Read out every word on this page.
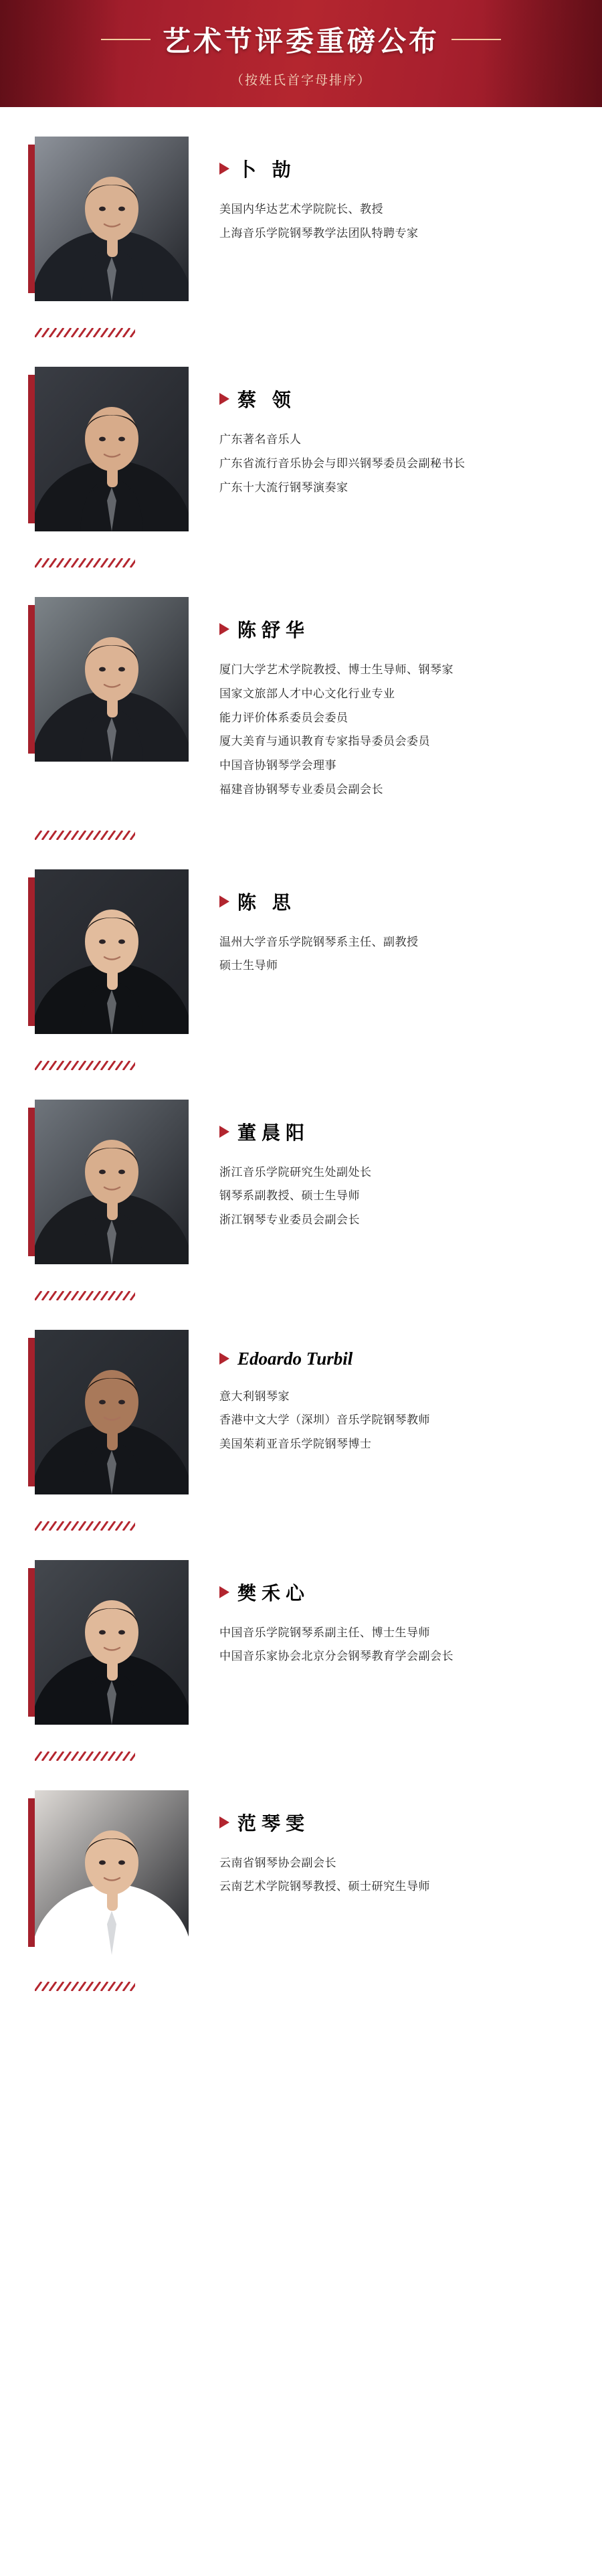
艺术节评委重磅公布
（按姓氏首字母排序）
卜 劼
美国内华达艺术学院院长、教授
上海音乐学院钢琴教学法团队特聘专家
蔡 领
广东著名音乐人
广东省流行音乐协会与即兴钢琴委员会副秘书长
广东十大流行钢琴演奏家
陈舒华
厦门大学艺术学院教授、博士生导师、钢琴家
国家文旅部人才中心文化行业专业
能力评价体系委员会委员
厦大美育与通识教育专家指导委员会委员
中国音协钢琴学会理事
福建音协钢琴专业委员会副会长
陈 思
温州大学音乐学院钢琴系主任、副教授
硕士生导师
董晨阳
浙江音乐学院研究生处副处长
钢琴系副教授、硕士生导师
浙江钢琴专业委员会副会长
Edoardo Turbil
意大利钢琴家
香港中文大学（深圳）音乐学院钢琴教师
美国茱莉亚音乐学院钢琴博士
樊禾心
中国音乐学院钢琴系副主任、博士生导师
中国音乐家协会北京分会钢琴教育学会副会长
范琴雯
云南省钢琴协会副会长
云南艺术学院钢琴教授、硕士研究生导师
